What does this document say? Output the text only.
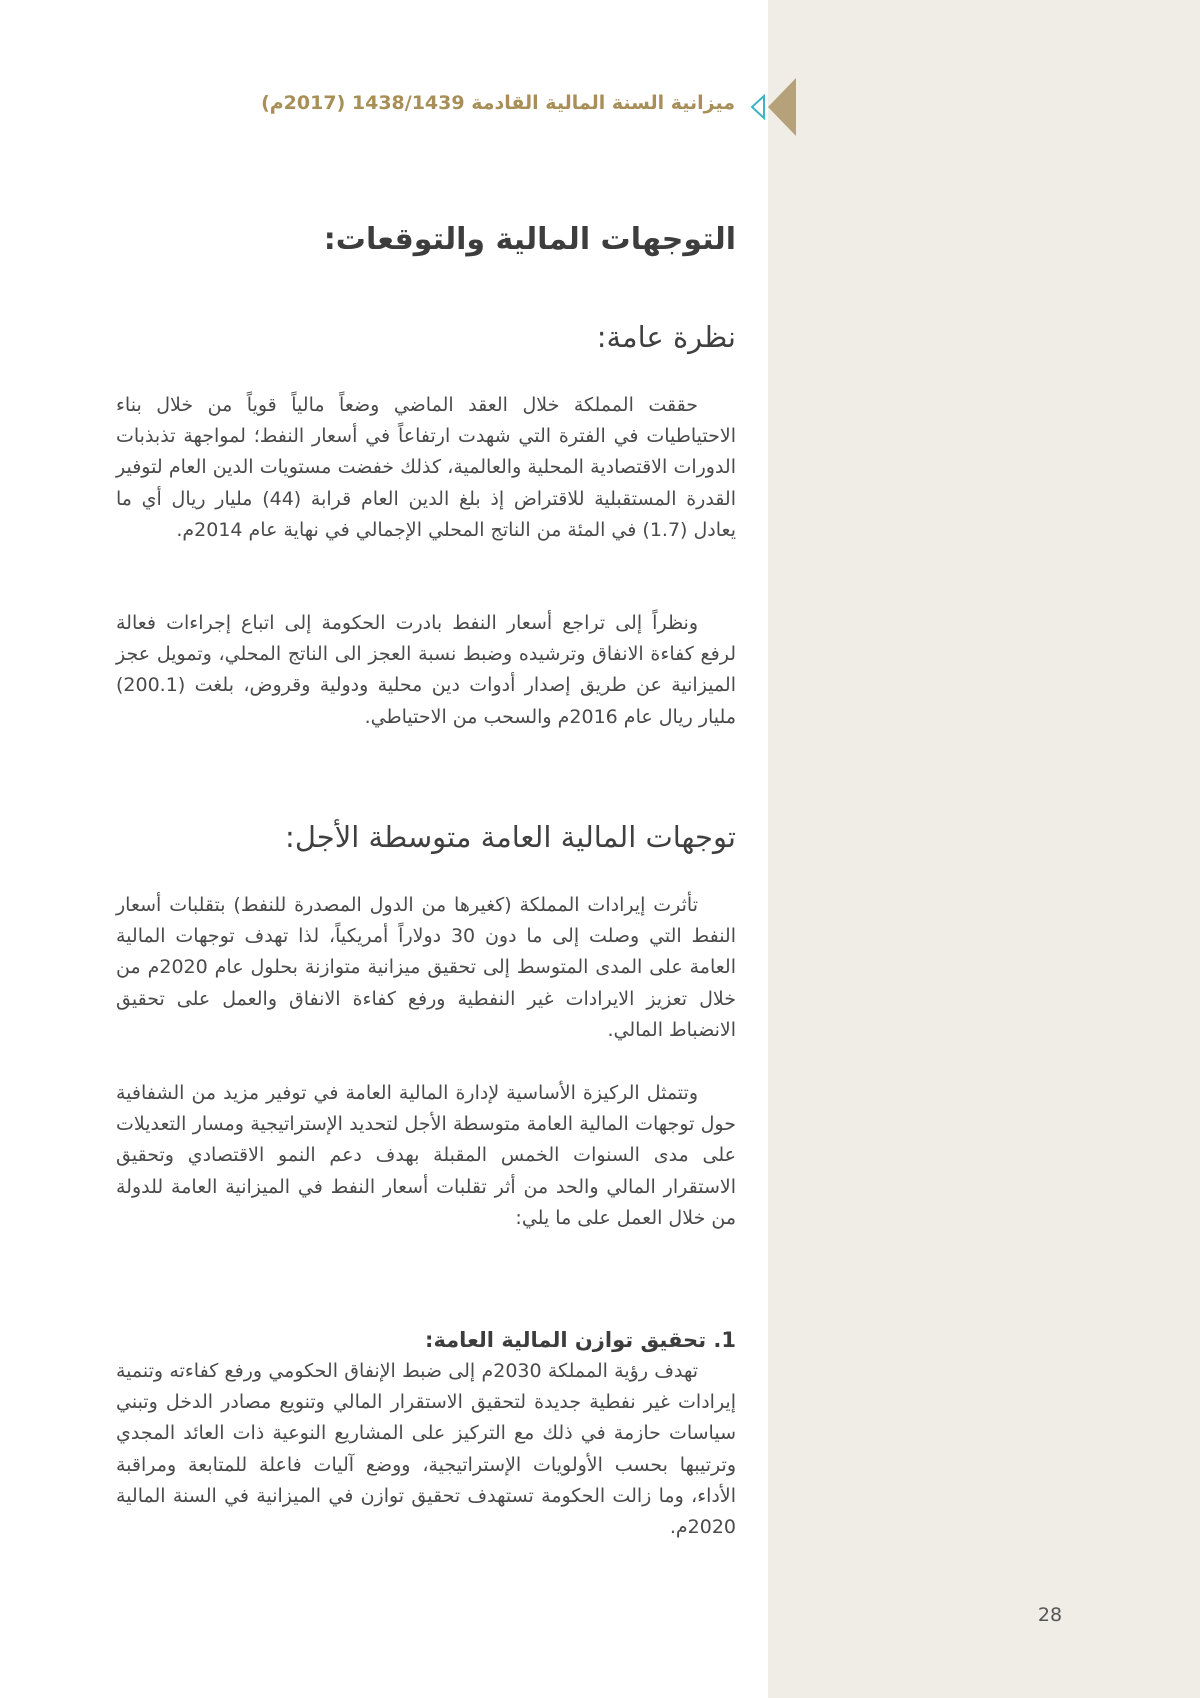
ميزانية السنة المالية القادمة 1438/1439 (2017م)
التوجهات المالية والتوقعات:
نظرة عامة:

حققت المملكة خلال العقد الماضي وضعاً مالياً قوياً من خلال بناء الاحتياطيات في الفترة التي شهدت ارتفاعاً في أسعار النفط؛ لمواجهة تذبذبات الدورات الاقتصادية المحلية والعالمية، كذلك خفضت مستويات الدين العام لتوفير القدرة المستقبلية للاقتراض إذ بلغ الدين العام قرابة (44) مليار ريال أي ما يعادل (1.7) في المئة من الناتج المحلي الإجمالي في نهاية عام 2014م.

ونظراً إلى تراجع أسعار النفط بادرت الحكومة إلى اتباع إجراءات فعالة لرفع كفاءة الانفاق وترشيده وضبط نسبة العجز الى الناتج المحلي، وتمويل عجز الميزانية عن طريق إصدار أدوات دين محلية ودولية وقروض، بلغت (200.1) مليار ريال عام 2016م والسحب من الاحتياطي.

توجهات المالية العامة متوسطة الأجل:

تأثرت إيرادات المملكة (كغيرها من الدول المصدرة للنفط) بتقلبات أسعار النفط التي وصلت إلى ما دون 30 دولاراً أمريكياً، لذا تهدف توجهات المالية العامة على المدى المتوسط إلى تحقيق ميزانية متوازنة بحلول عام 2020م من خلال تعزيز الايرادات غير النفطية ورفع كفاءة الانفاق والعمل على تحقيق الانضباط المالي.

وتتمثل الركيزة الأساسية لإدارة المالية العامة في توفير مزيد من الشفافية حول توجهات المالية العامة متوسطة الأجل لتحديد الإستراتيجية ومسار التعديلات على مدى السنوات الخمس المقبلة بهدف دعم النمو الاقتصادي وتحقيق الاستقرار المالي والحد من أثر تقلبات أسعار النفط في الميزانية العامة للدولة من خلال العمل على ما يلي:

1. تحقيق توازن المالية العامة:

تهدف رؤية المملكة 2030م إلى ضبط الإنفاق الحكومي ورفع كفاءته وتنمية إيرادات غير نفطية جديدة لتحقيق الاستقرار المالي وتنويع مصادر الدخل وتبني سياسات حازمة في ذلك مع التركيز على المشاريع النوعية ذات العائد المجدي وترتيبها بحسب الأولويات الإستراتيجية، ووضع آليات فاعلة للمتابعة ومراقبة الأداء، وما زالت الحكومة تستهدف تحقيق توازن في الميزانية في السنة المالية 2020م.

28
